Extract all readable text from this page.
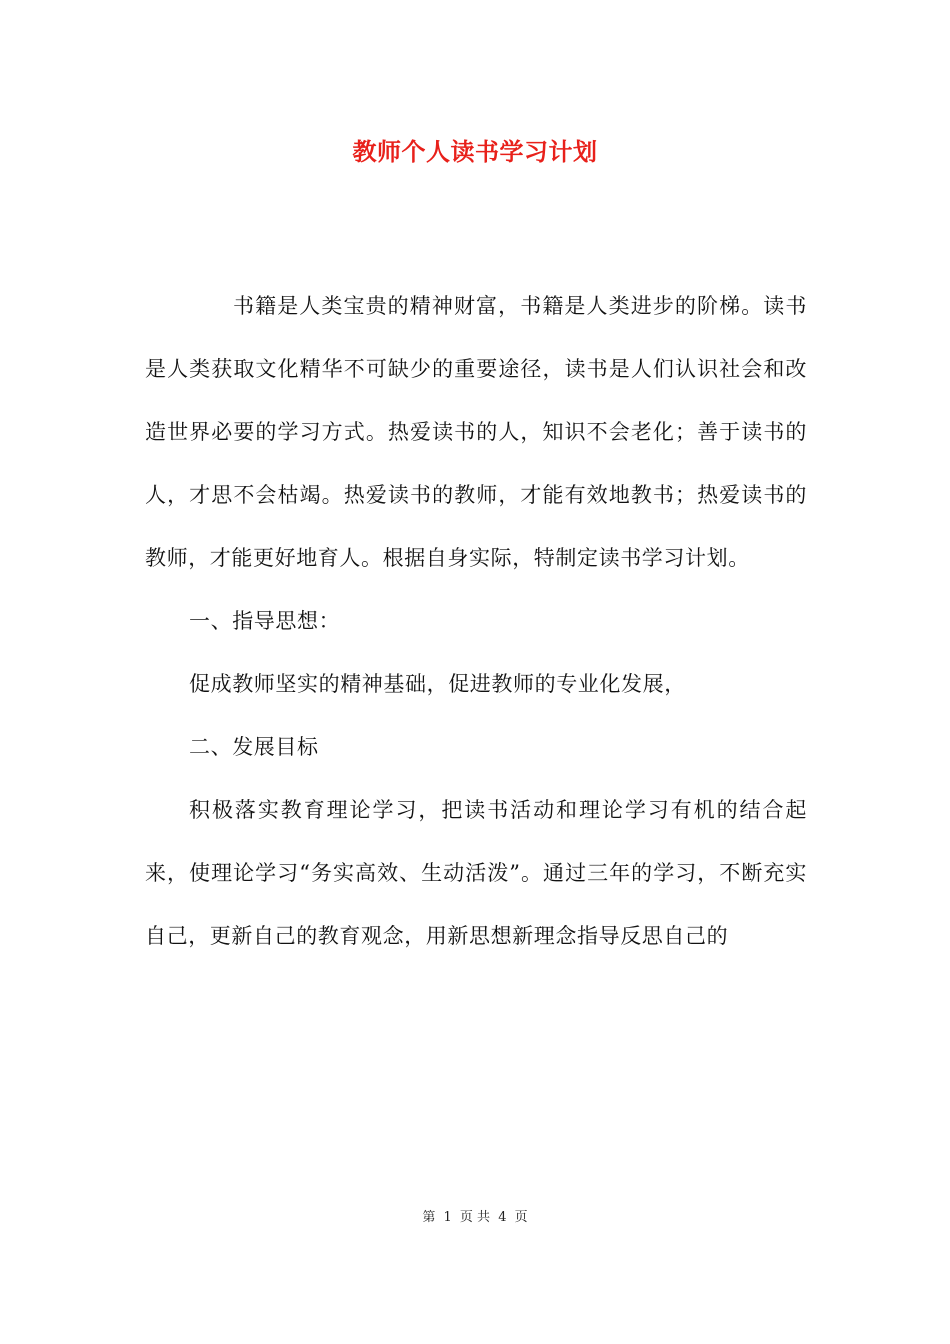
教师个人读书学习计划

书籍是人类宝贵的精神财富，书籍是人类进步的阶梯。读书是人类获取文化精华不可缺少的重要途径，读书是人们认识社会和改造世界必要的学习方式。热爱读书的人，知识不会老化；善于读书的人，才思不会枯竭。热爱读书的教师，才能有效地教书；热爱读书的教师，才能更好地育人。根据自身实际，特制定读书学习计划。

一、指导思想：

促成教师坚实的精神基础，促进教师的专业化发展，

二、发展目标

积极落实教育理论学习，把读书活动和理论学习有机的结合起来，使理论学习“务实高效、生动活泼”。通过三年的学习，不断充实自己，更新自己的教育观念，用新思想新理念指导反思自己的

第 1 页 共 4 页
